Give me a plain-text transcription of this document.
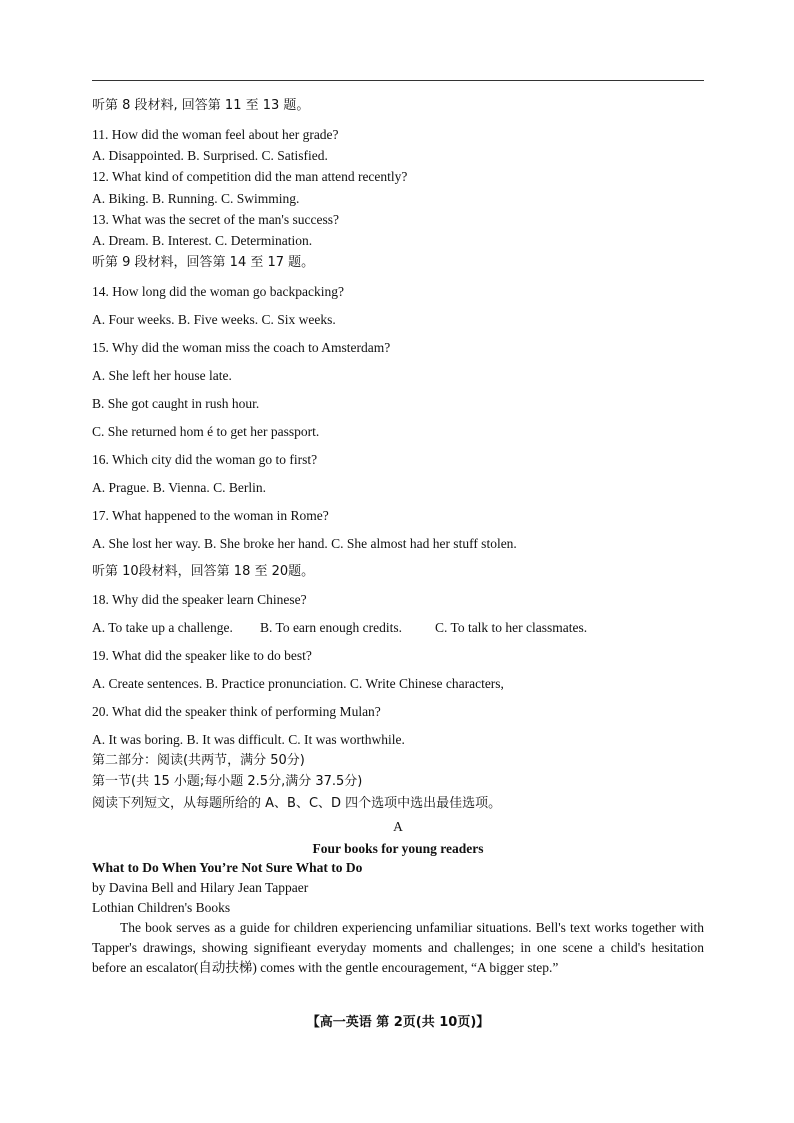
听第 8 段材料, 回答第 11 至 13 题。
11. How did the woman feel about her grade?
A. Disappointed. B. Surprised. C. Satisfied.
12. What kind of competition did the man attend recently?
A. Biking. B. Running. C. Swimming.
13. What was the secret of the man's success?
A. Dream. B. Interest. C. Determination.
听第 9 段材料，回答第 14 至 17 题。
14. How long did the woman go backpacking?
A. Four weeks. B. Five weeks. C. Six weeks.
15. Why did the woman miss the coach to Amsterdam?
A. She left her house late.
B. She got caught in rush hour.
C. She returned hom é to get her passport.
16. Which city did the woman go to first?
A. Prague. B. Vienna. C. Berlin.
17. What happened to the woman in Rome?
A. She lost her way. B. She broke her hand. C. She almost had her stuff stolen.
听第 10段材料，回答第 18 至 20题。
18. Why did the speaker learn Chinese?
A. To take up a challenge. B. To earn enough credits. C. To talk to her classmates.
19. What did the speaker like to do best?
A. Create sentences. B. Practice pronunciation. C. Write Chinese characters,
20. What did the speaker think of performing Mulan?
A. It was boring. B. It was difficult. C. It was worthwhile.
第二部分：阅读(共两节，满分 50分)
第一节(共 15 小题;每小题 2.5分,满分 37.5分)
阅读下列短文，从每题所给的 A、B、C、D 四个选项中选出最佳选项。
A
Four books for young readers
What to Do When You’re Not Sure What to Do
by Davina Bell and Hilary Jean Tappaer
Lothian Children's Books
The book serves as a guide for children experiencing unfamiliar situations. Bell's text works together with Tapper's drawings, showing signifieant everyday moments and challenges; in one scene a child's hesitation before an escalator(自动扶梯) comes with the gentle encouragement, “A bigger step.”
【高一英语 第 2页(共 10页)】
